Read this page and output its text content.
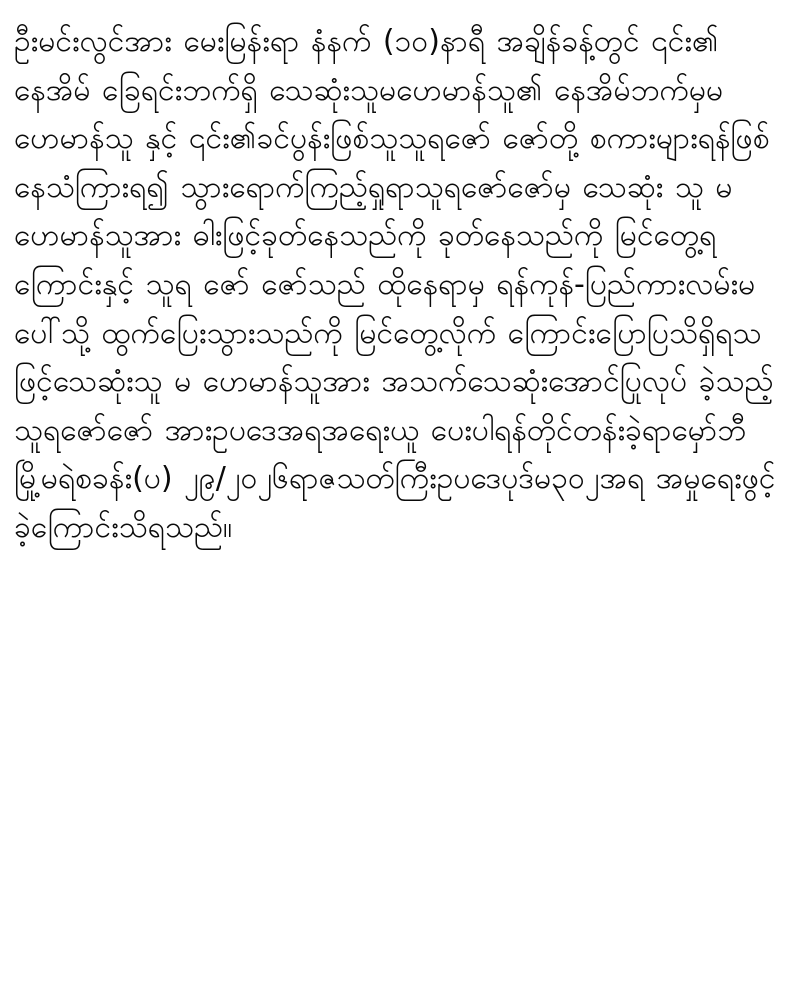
ဦးမင်းလွင်အား မေးမြန်းရာ နံနက် (၁၀)နာရီ အချိန်ခန့်တွင် ၎င်း၏ နေအိမ် ခြေရင်းဘက်ရှိ သေဆုံးသူမဟေမာန်သူ၏ နေအိမ်ဘက်မှမ ဟေမာန်သူ နှင့် ၎င်း၏ခင်ပွန်းဖြစ်သူသူရဇော် ဇော်တို့ စကားများရန်ဖြစ်နေသံကြားရ၍ သွားရောက်ကြည့်ရှုရာသူရဇော်ဇော်မှ သေဆုံး သူ မဟေမာန်သူအား ဓါးဖြင့်ခုတ်နေသည်ကို ခုတ်နေသည်ကို မြင်တွေ့ရကြောင်းနှင့် သူရ ဇော် ဇော်သည် ထိုနေရာမှ ရန်ကုန်-ပြည်ကားလမ်းမ ပေါ်သို့ ထွက်ပြေးသွားသည်ကို မြင်တွေ့လိုက် ကြောင်းပြောပြသိရှိရသဖြင့်သေဆုံးသူ မ ဟေမာန်သူအား အသက်သေဆုံးအောင်ပြုလုပ် ခဲ့သည့် သူရဇော်ဇော် အားဥပဒေအရအရေးယူ ပေးပါရန်တိုင်တန်းခဲ့ရာမှော်ဘီမြို့မရဲစခန်း(ပ) ၂၉/၂၀၂၆ရာဇသတ်ကြီးဥပဒေပုဒ်မ၃၀၂အရ အမှုရေးဖွင့်ခဲ့ကြောင်းသိရသည်။
